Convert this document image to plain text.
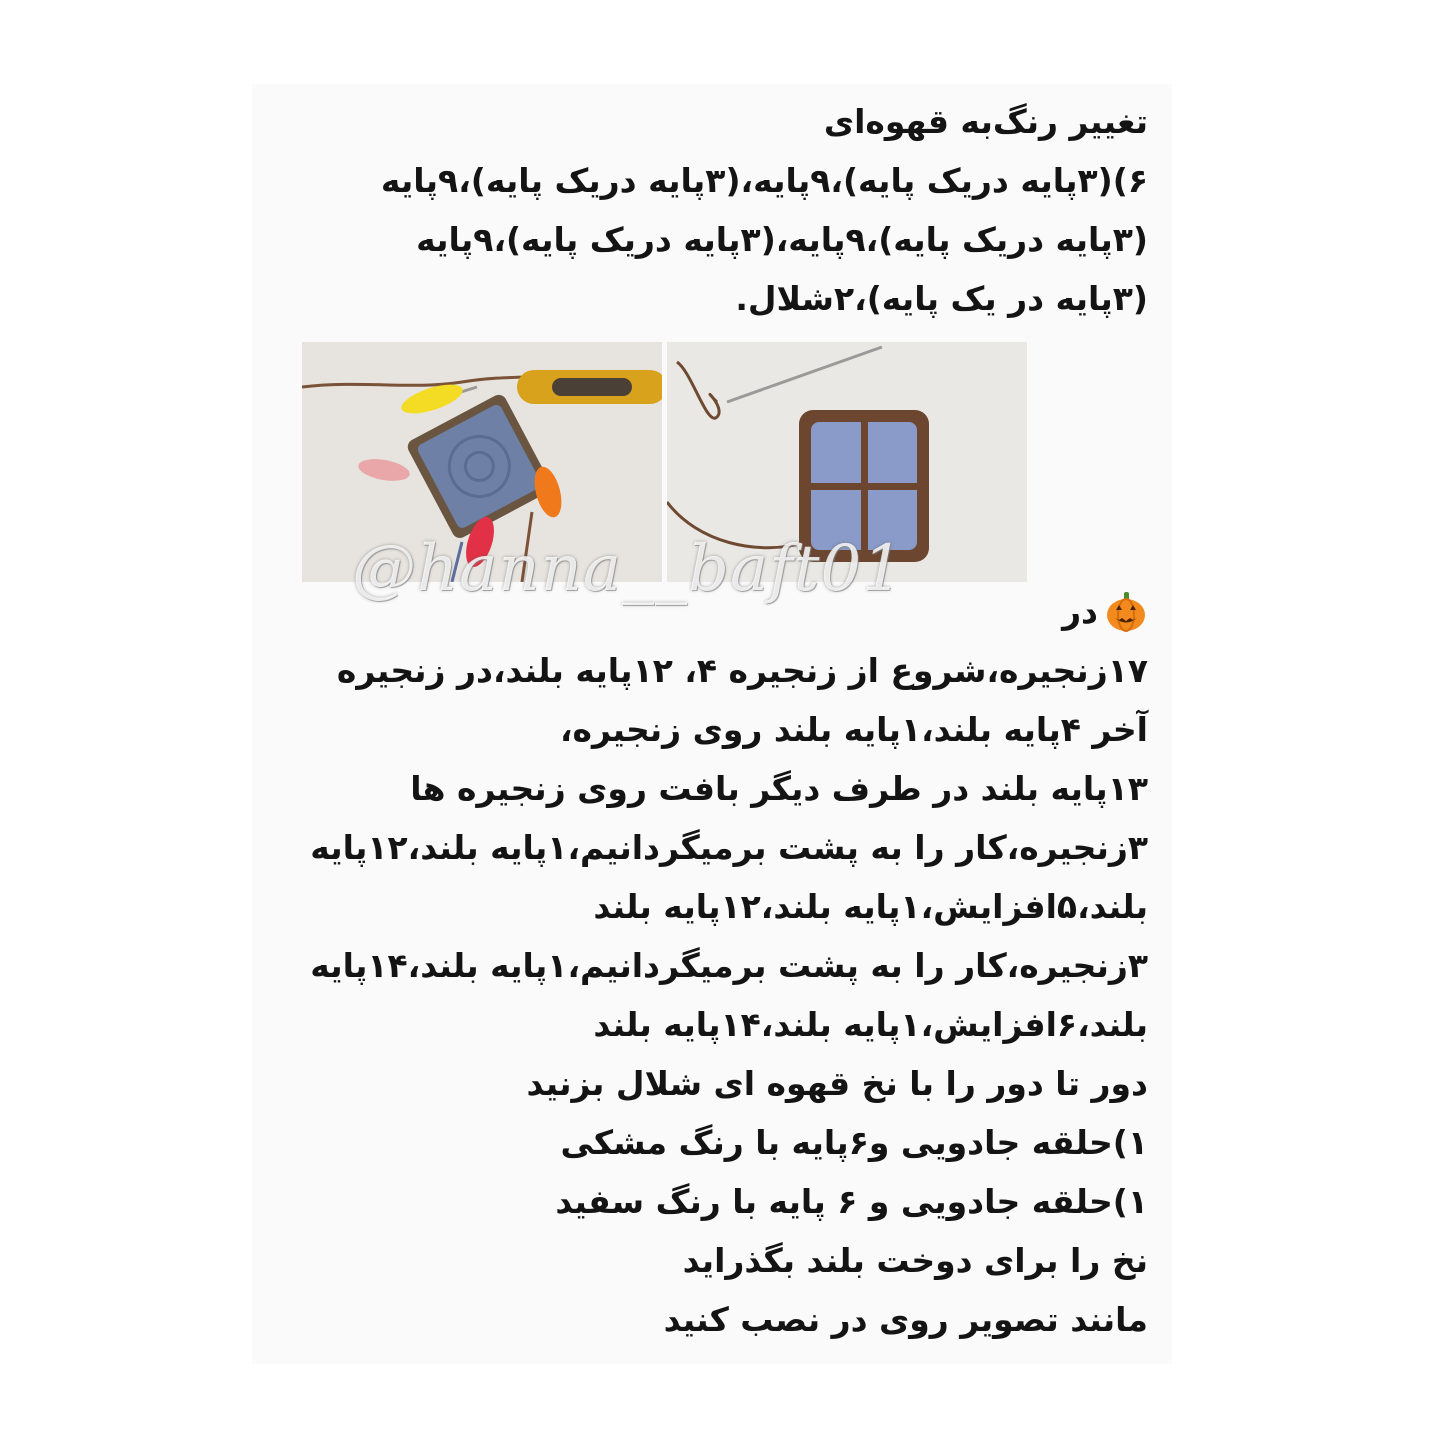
تغییر رنگ‌به قهوه‌ای
۶)(۳پایه دریک پایه)،۹پایه،(۳پایه دریک پایه)،۹پایه
(۳پایه دریک پایه)،۹پایه،(۳پایه دریک پایه)،۹پایه
(۳پایه در یک پایه)،۲شلال.
@hanna__baft01
در
۱۷زنجیره،شروع از زنجیره ۴، ۱۲پایه بلند،در زنجیره
آخر ۴پایه بلند،۱پایه بلند روی زنجیره،
۱۳پایه بلند در طرف دیگر بافت روی زنجیره ها
۳زنجیره،کار را به پشت برمیگردانیم،۱پایه بلند،۱۲پایه
بلند،۵افزایش،۱پایه بلند،۱۲پایه بلند
۳زنجیره،کار را به پشت برمیگردانیم،۱پایه بلند،۱۴پایه
بلند،۶افزایش،۱پایه بلند،۱۴پایه بلند
دور تا دور را با نخ قهوه ای شلال بزنید
۱)حلقه جادویی و۶پایه با رنگ مشکی
۱)حلقه جادویی و ۶ پایه با رنگ سفید
نخ را برای دوخت بلند بگذراید
مانند تصویر روی در نصب کنید
